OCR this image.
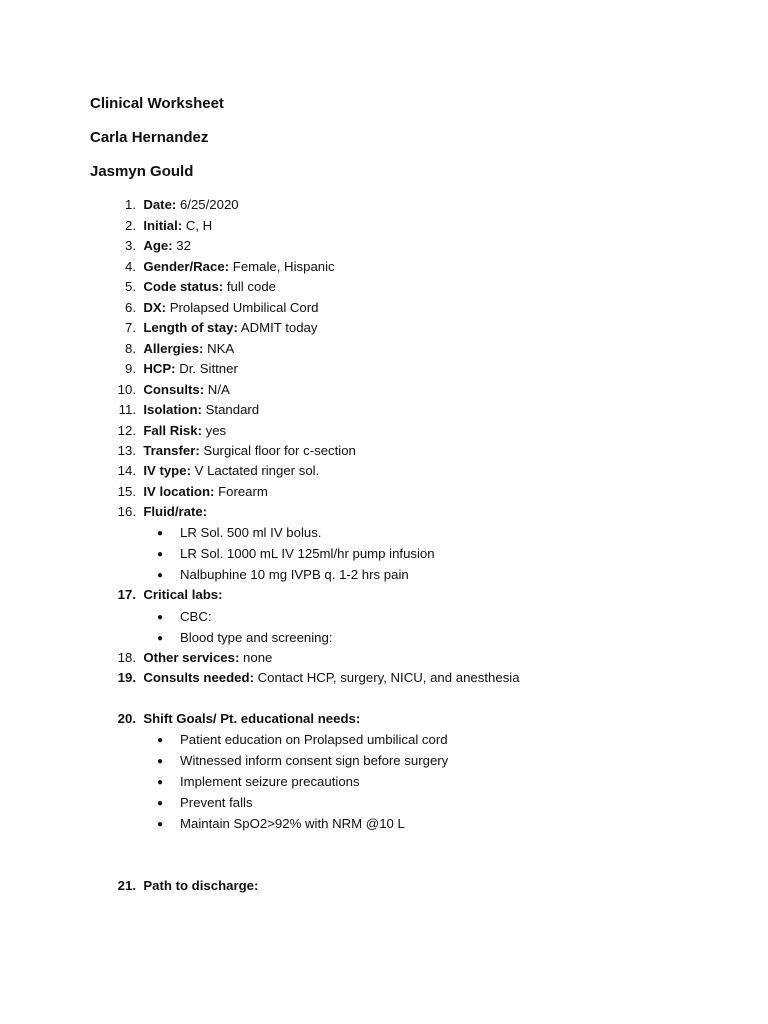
Clinical Worksheet
Carla Hernandez
Jasmyn Gould
1. Date: 6/25/2020
2. Initial: C, H
3. Age: 32
4. Gender/Race: Female, Hispanic
5. Code status: full code
6. DX: Prolapsed Umbilical Cord
7. Length of stay: ADMIT today
8. Allergies: NKA
9. HCP: Dr. Sittner
10. Consults: N/A
11. Isolation: Standard
12. Fall Risk: yes
13. Transfer: Surgical floor for c-section
14. IV type: V Lactated ringer sol.
15. IV location: Forearm
16. Fluid/rate:
● LR Sol. 500 ml IV bolus.
● LR Sol. 1000 mL IV 125ml/hr pump infusion
● Nalbuphine 10 mg IVPB q. 1-2 hrs pain
17. Critical labs:
● CBC:
● Blood type and screening:
18. Other services: none
19. Consults needed: Contact HCP, surgery, NICU, and anesthesia
20. Shift Goals/ Pt. educational needs:
● Patient education on Prolapsed umbilical cord
● Witnessed inform consent sign before surgery
● Implement seizure precautions
● Prevent falls
● Maintain SpO2>92% with NRM @10 L
21. Path to discharge:
